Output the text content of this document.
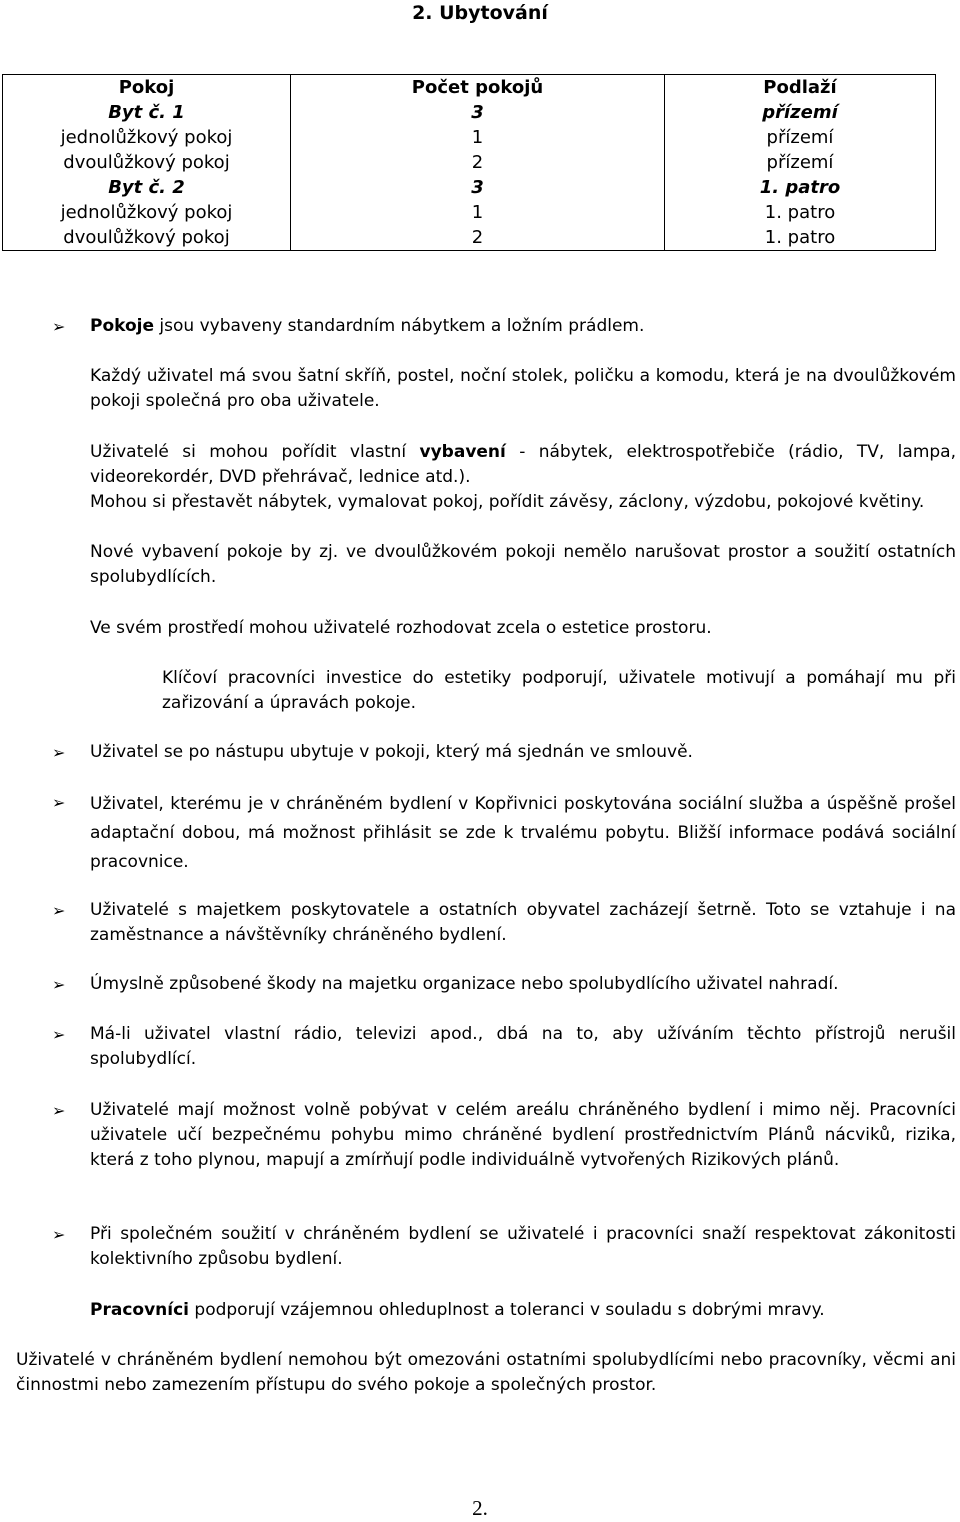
2. Ubytování
Pokoj	Počet pokojů	Podlaží
Byt č. 1	3	přízemí
jednolůžkový pokoj	1	přízemí
dvoulůžkový pokoj	2	přízemí
Byt č. 2	3	1. patro
jednolůžkový pokoj	1	1. patro
dvoulůžkový pokoj	2	1. patro
➢ Pokoje jsou vybaveny standardním nábytkem a ložním prádlem.
Každý uživatel má svou šatní skříň, postel, noční stolek, poličku a komodu, která je na dvoulůžkovém pokoji společná pro oba uživatele.
Uživatelé si mohou pořídit vlastní vybavení - nábytek, elektrospotřebiče (rádio, TV, lampa, videorekordér, DVD přehrávač, lednice atd.).
Mohou si přestavět nábytek, vymalovat pokoj, pořídit závěsy, záclony, výzdobu, pokojové květiny.
Nové vybavení pokoje by zj. ve dvoulůžkovém pokoji nemělo narušovat prostor a soužití ostatních spolubydlících.
Ve svém prostředí mohou uživatelé rozhodovat zcela o estetice prostoru.
Klíčoví pracovníci investice do estetiky podporují, uživatele motivují a pomáhají mu při zařizování a úpravách pokoje.
➢ Uživatel se po nástupu ubytuje v pokoji, který má sjednán ve smlouvě.
➢ Uživatel, kterému je v chráněném bydlení v Kopřivnici poskytována sociální služba a úspěšně prošel adaptační dobou, má možnost přihlásit se zde k trvalému pobytu. Bližší informace podává sociální pracovnice.
➢ Uživatelé s majetkem poskytovatele a ostatních obyvatel zacházejí šetrně. Toto se vztahuje i na zaměstnance a návštěvníky chráněného bydlení.
➢ Úmyslně způsobené škody na majetku organizace nebo spolubydlícího uživatel nahradí.
➢ Má-li uživatel vlastní rádio, televizi apod., dbá na to, aby užíváním těchto přístrojů nerušil spolubydlící.
➢ Uživatelé mají možnost volně pobývat v celém areálu chráněného bydlení i mimo něj. Pracovníci uživatele učí bezpečnému pohybu mimo chráněné bydlení prostřednictvím Plánů nácviků, rizika, která z toho plynou, mapují a zmírňují podle individuálně vytvořených Rizikových plánů.
➢ Při společném soužití v chráněném bydlení se uživatelé i pracovníci snaží respektovat zákonitosti kolektivního způsobu bydlení.
Pracovníci podporují vzájemnou ohleduplnost a toleranci v souladu s dobrými mravy.
Uživatelé v chráněném bydlení nemohou být omezováni ostatními spolubydlícími nebo pracovníky, věcmi ani činnostmi nebo zamezením přístupu do svého pokoje a společných prostor.
2.
